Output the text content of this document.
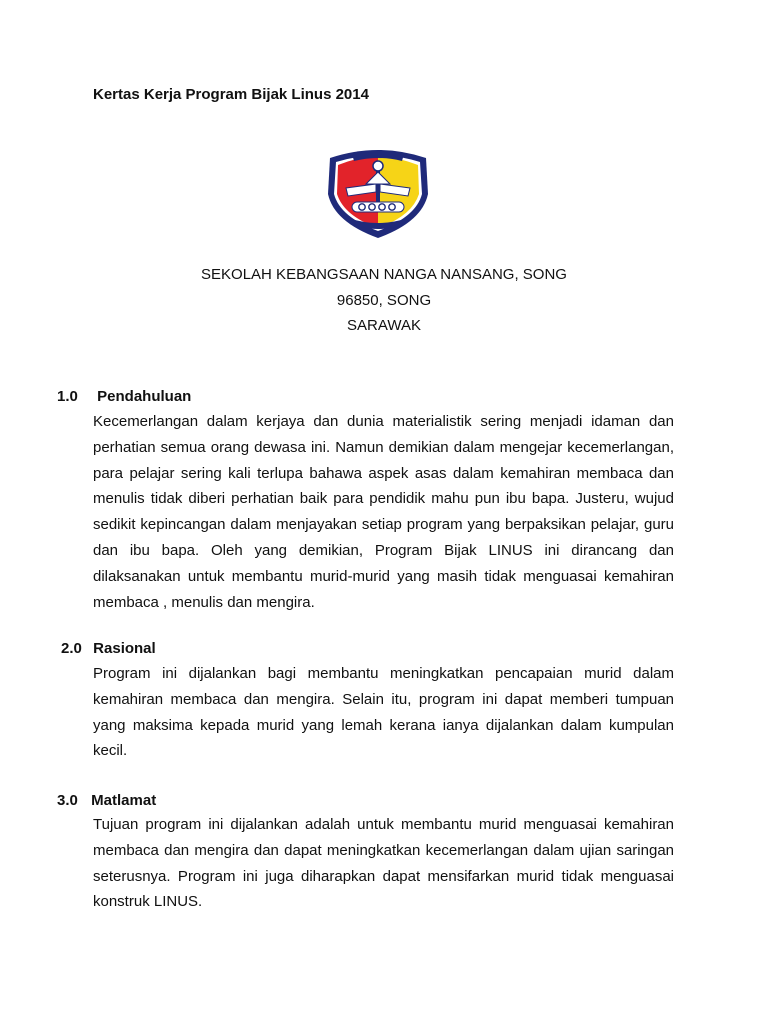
Kertas Kerja Program Bijak Linus 2014
SEKOLAH KEBANGSAAN NANGA NANSANG, SONG
96850, SONG
SARAWAK
1.0 Pendahuluan

Kecemerlangan dalam kerjaya dan dunia materialistik sering menjadi idaman dan perhatian semua orang dewasa ini. Namun demikian dalam mengejar kecemerlangan, para pelajar sering kali terlupa bahawa aspek asas dalam kemahiran membaca dan menulis tidak diberi perhatian baik para pendidik mahu pun ibu bapa. Justeru, wujud sedikit kepincangan dalam menjayakan setiap program yang berpaksikan pelajar, guru dan ibu bapa. Oleh yang demikian, Program Bijak LINUS ini dirancang dan dilaksanakan untuk membantu murid-murid yang masih tidak menguasai kemahiran membaca , menulis dan mengira.

2.0 Rasional

Program ini dijalankan bagi membantu meningkatkan pencapaian murid dalam kemahiran membaca dan mengira. Selain itu, program ini dapat memberi tumpuan yang maksima kepada murid yang lemah kerana ianya dijalankan dalam kumpulan kecil.

3.0 Matlamat

Tujuan program ini dijalankan adalah untuk membantu murid menguasai kemahiran membaca dan mengira dan dapat meningkatkan kecemerlangan dalam ujian saringan seterusnya. Program ini juga diharapkan dapat mensifarkan murid tidak menguasai konstruk LINUS.
